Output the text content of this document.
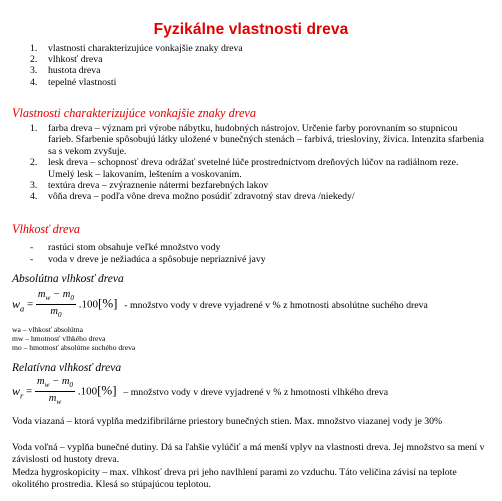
Fyzikálne vlastnosti dreva
1. vlastnosti charakterizujúce vonkajšie znaky dreva
2. vlhkosť dreva
3. hustota dreva
4. tepelné vlastnosti
Vlastnosti charakterizujúce vonkajšie znaky dreva
1. farba dreva – význam pri výrobe nábytku, hudobných nástrojov. Určenie farby porovnaním so stupnicou farieb. Sfarbenie spôsobujú látky uložené v bunečných stenách – farbivá, triesloviny, živica. Intenzita sfarbenia sa s vekom zvyšuje.
2. lesk dreva – schopnosť dreva odrážať svetelné lúče prostredníctvom dreňových lúčov na radiálnom reze. Umelý lesk – lakovaním, leštením a voskovaním.
3. textúra dreva – zvýraznenie nátermi bezfarebných lakov
4. vôňa dreva – podľa vône dreva možno posúdiť zdravotný stav dreva /niekedy/
Vlhkosť dreva
- rastúci stom obsahuje veľké množstvo vody
- voda v dreve je nežiadúca a spôsobuje nepriaznivé javy
Absolútna vlhkosť dreva
$w_a = \frac{m_w - m_0}{m_0} .100[\%]$ - množstvo vody v dreve vyjadrené v % z hmotnosti absolútne suchého dreva
wa – vlhkosť absolútna
mw – hmotnosť vlhkého dreva
mo – hmotnosť absolútne suchého dreva
Relatívna vlhkosť dreva
$w_r = \frac{m_w - m_0}{m_w} .100[\%]$ – množstvo vody v dreve vyjadrené v % z hmotnosti vlhkého dreva
Voda viazaná – ktorá vyplňa medzifibrilárne priestory bunečných stien. Max. množstvo viazanej vody je 30%
Voda voľná – vyplňa bunečné dutiny. Dá sa ľahšie vylúčiť a má menší vplyv na vlastnosti dreva. Jej množstvo sa mení v závislosti od hustoty dreva.
Medza hygroskopicity – max. vlhkosť dreva pri jeho navlhlení parami zo vzduchu. Táto veličina závisí na teplote okolitého prostredia. Klesá so stúpajúcou teplotou.
